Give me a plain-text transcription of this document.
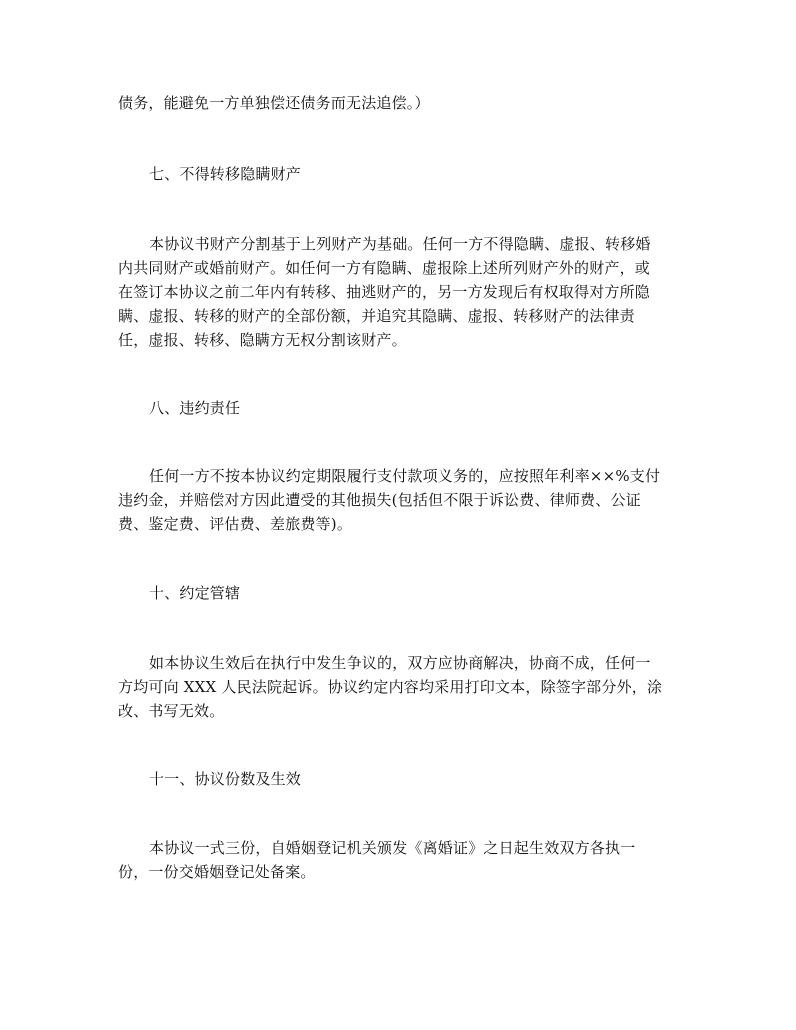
债务，能避免一方单独偿还债务而无法追偿。）
七、不得转移隐瞒财产
本协议书财产分割基于上列财产为基础。任何一方不得隐瞒、虚报、转移婚
内共同财产或婚前财产。如任何一方有隐瞒、虚报除上述所列财产外的财产，或
在签订本协议之前二年内有转移、抽逃财产的，另一方发现后有权取得对方所隐
瞒、虚报、转移的财产的全部份额，并追究其隐瞒、虚报、转移财产的法律责
任，虚报、转移、隐瞒方无权分割该财产。
八、违约责任
任何一方不按本协议约定期限履行支付款项义务的，应按照年利率××%支付
违约金，并赔偿对方因此遭受的其他损失(包括但不限于诉讼费、律师费、公证
费、鉴定费、评估费、差旅费等)。
十、约定管辖
如本协议生效后在执行中发生争议的，双方应协商解决，协商不成，任何一
方均可向 XXX 人民法院起诉。协议约定内容均采用打印文本，除签字部分外，涂
改、书写无效。
十一、协议份数及生效
本协议一式三份，自婚姻登记机关颁发《离婚证》之日起生效双方各执一
份，一份交婚姻登记处备案。
